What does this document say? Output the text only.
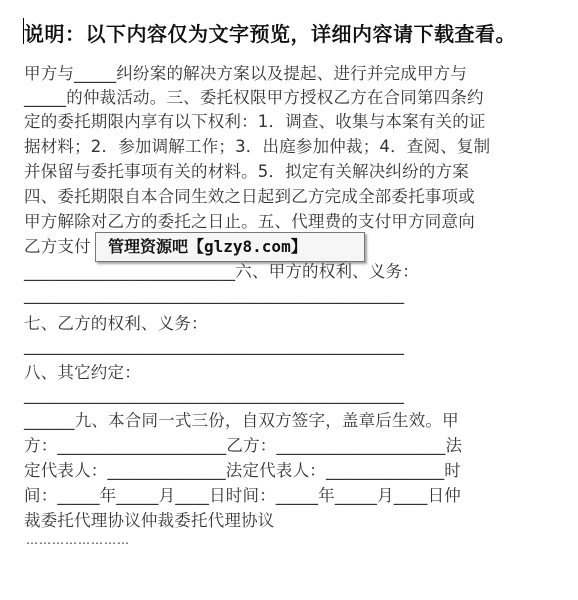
说明：以下内容仅为文字预览，详细内容请下载查看。
甲方与_____纠纷案的解决方案以及提起、进行并完成甲方与
_____的仲裁活动。三、委托权限甲方授权乙方在合同第四条约
定的委托期限内享有以下权利：1．调查、收集与本案有关的证
据材料；2．参加调解工作；3．出庭参加仲裁；4．查阅、复制
并保留与委托事项有关的材料。5．拟定有关解决纠纷的方案
四、委托期限自本合同生效之日起到乙方完成全部委托事项或
甲方解除对乙方的委托之日止。五、代理费的支付甲方同意向
乙方支付
_________________________六、甲方的权利、义务：
_____________________________________________
七、乙方的权利、义务：
_____________________________________________
八、其它约定：
_____________________________________________
______九、本合同一式三份，自双方签字，盖章后生效。甲
方：____________________乙方：____________________法
定代表人：______________法定代表人：______________时
间：_____年_____月____日时间：_____年_____月____日仲
裁委托代理协议仲裁委托代理协议
管理资源吧【glzy8.com】
……………………
